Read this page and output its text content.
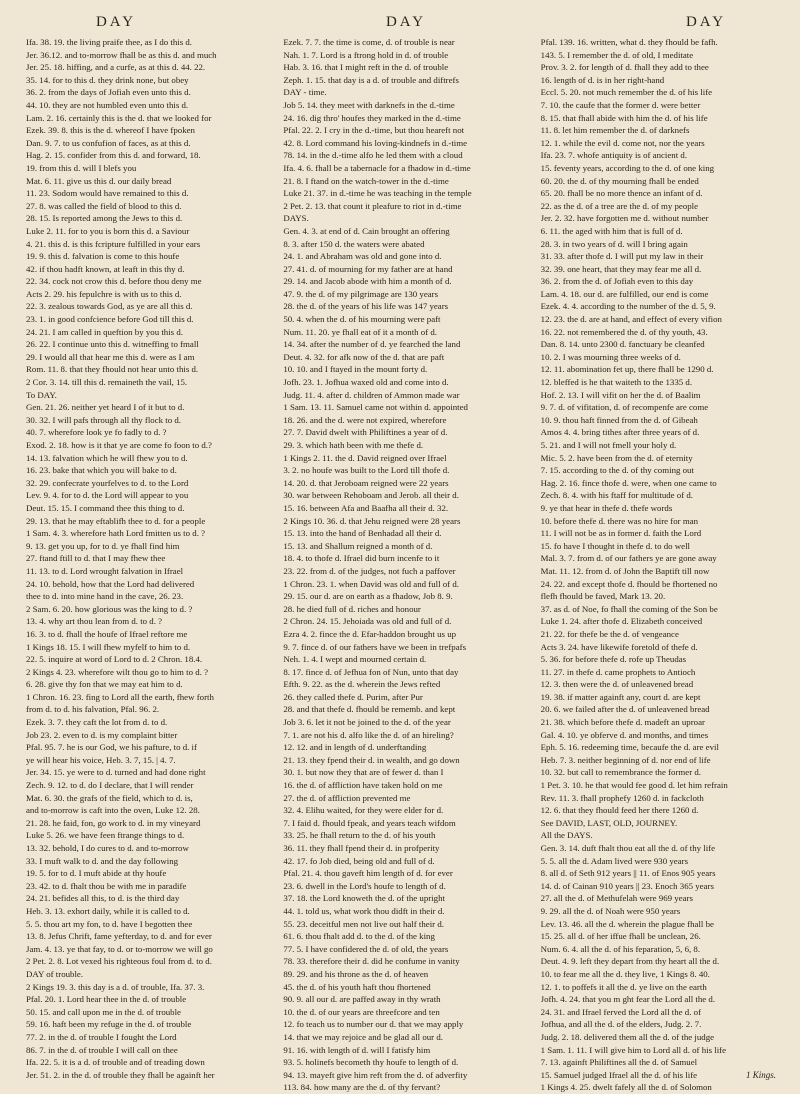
DAY	DAY	DAY
Ifa. 38. 19. the living praife thee, as I do this d.
Jer. 36.12. and to-morrow fhall be as this d. and much
Jer. 25. 18. hiffing, and a curfe, as at this d. 44. 22.
35. 14. for to this d. they drink none, but obey
36. 2. from the days of Jofiah even unto this d.
44. 10. they are not humbled even unto this d.
Lam. 2. 16. certainly this is the d. that we looked for
Ezek. 39. 8. this is the d. whereof I have fpoken
Dan. 9. 7. to us confufion of faces, as at this d.
Hag. 2. 15. confider from this d. and forward, 18.
19. from this d. will I blefs you
Mat. 6. 11. give us this d. our daily bread
11. 23. Sodom would have remained to this d.
27. 8. was called the field of blood to this d.
28. 15. Is reported among the Jews to this d.
Luke 2. 11. for to you is born this d. a Saviour
4. 21. this d. is this fcripture fulfilled in your ears
19. 9. this d. falvation is come to this houfe
42. if thou hadft known, at leaft in this thy d.
22. 34. cock not crow this d. before thou deny me
Acts 2. 29. his fepulchre is with us to this d.
22. 3. zealous towards God, as ye are all this d.
23. 1. in good confcience before God till this d.
24. 21. I am called in queftion by you this d.
26. 22. I continue unto this d. witneffing to fmall
29. I would all that hear me this d. were as I am
Rom. 11. 8. that they fhould not hear unto this d.
2 Cor. 3. 14. till this d. remaineth the vail, 15.
To DAY.
Gen. 21. 26. neither yet heard I of it but to d.
30. 32. I will pafs through all thy flock to d.
40. 7. wherefore look ye fo fadly to d. ?
Exod. 2. 18. how is it that ye are come fo foon to d.?
14. 13. falvation which he will fhew you to d.
16. 23. bake that which you will bake to d.
32. 29. confecrate yourfelves to d. to the Lord
Lev. 9. 4. for to d. the Lord will appear to you
Deut. 15. 15. I command thee this thing to d.
29. 13. that he may eftablifh thee to d. for a people
1 Sam. 4. 3. wherefore hath Lord fmitten us to d. ?
9. 13. get you up, for to d. ye fhall find him
27. ftand ftill to d. that I may fhew thee
11. 13. to d. Lord wrought falvation in Ifrael
24. 10. behold, how that the Lord had delivered
thee to d. into mine hand in the cave, 26. 23.
2 Sam. 6. 20. how glorious was the king to d. ?
13. 4. why art thou lean from d. to d. ?
16. 3. to d. fhall the houfe of Ifrael reftore me
1 Kings 18. 15. I will fhew myfelf to him to d.
22. 5. inquire at word of Lord to d. 2 Chron. 18.4.
2 Kings 4. 23. wherefore wilt thou go to him to d. ?
6. 28. give thy fon that we may eat him to d.
1 Chron. 16. 23. fing to Lord all the earth, fhew forth
from d. to d. his falvation, Pfal. 96. 2.
Ezek. 3. 7. they caft the lot from d. to d.
Job 23. 2. even to d. is my complaint bitter
Pfal. 95. 7. he is our God, we his pafture, to d. if
ye will hear his voice, Heb. 3. 7, 15. | 4. 7.
Jer. 34. 15. ye were to d. turned and had done right
Zech. 9. 12. to d. do I declare, that I will render
Mat. 6. 30. the grafs of the field, which to d. is,
and to-morrow is caft into the oven, Luke 12. 28.
21. 28. he faid, fon, go work to d. in my vineyard
Luke 5. 26. we have feen ftrange things to d.
13. 32. behold, I do cures to d. and to-morrow
33. I muft walk to d. and the day following
19. 5. for to d. I muft abide at thy houfe
23. 42. to d. fhalt thou be with me in paradife
24. 21. befides all this, to d. is the third day
Heb. 3. 13. exhort daily, while it is called to d.
5. 5. thou art my fon, to d. have I begotten thee
13. 8. Jefus Chrift, fame yefterday, to d. and for ever
Jam. 4. 13. ye that fay, to d. or to-morrow we will go
2 Pet. 2. 8. Lot vexed his righteous foul from d. to d.
DAY of trouble.
2 Kings 19. 3. this day is a d. of trouble, Ifa. 37. 3.
Pfal. 20. 1. Lord hear thee in the d. of trouble
50. 15. and call upon me in the d. of trouble
59. 16. haft been my refuge in the d. of trouble
77. 2. in the d. of trouble I fought the Lord
86. 7. in the d. of trouble I will call on thee
Ifa. 22. 5. it is a d. of trouble and of treading down
Jer. 51. 2. in the d. of trouble they fhall be againft her
Ezek. 7. 7. the time is come, d. of trouble is near
Nah. 1. 7. Lord is a ftrong hold in d. of trouble
Hab. 3. 16. that I might reft in the d. of trouble
Zeph. 1. 15. that day is a d. of trouble and diftrefs
DAY - time.
Job 5. 14. they meet with darknefs in the d.-time
24. 16. dig thro' houfes they marked in the d.-time
Pfal. 22. 2. I cry in the d.-time, but thou heareft not
42. 8. Lord command his loving-kindnefs in d.-time
78. 14. in the d.-time alfo he led them with a cloud
Ifa. 4. 6. fhall be a tabernacle for a fhadow in d.-time
21. 8. I ftand on the watch-tower in the d.-time
Luke 21. 37. in d.-time he was teaching in the temple
2 Pet. 2. 13. that count it pleafure to riot in d.-time
DAYS.
Gen. 4. 3. at end of d. Cain brought an offering
8. 3. after 150 d. the waters were abated
24. 1. and Abraham was old and gone into d.
27. 41. d. of mourning for my father are at hand
29. 14. and Jacob abode with him a month of d.
47. 9. the d. of my pilgrimage are 130 years
28. the d. of the years of his life was 147 years
50. 4. when the d. of his mourning were paft
Num. 11. 20. ye fhall eat of it a month of d.
14. 34. after the number of d. ye fearched the land
Deut. 4. 32. for afk now of the d. that are paft
10. 10. and I ftayed in the mount forty d.
Jofh. 23. 1. Jofhua waxed old and come into d.
Judg. 11. 4. after d. children of Ammon made war
1 Sam. 13. 11. Samuel came not within d. appointed
18. 26. and the d. were not expired, wherefore
27. 7. David dwelt with Philiftines a year of d.
29. 3. which hath been with me thefe d.
1 Kings 2. 11. the d. David reigned over Ifrael
3. 2. no houfe was built to the Lord till thofe d.
14. 20. d. that Jeroboam reigned were 22 years
30. war between Rehoboam and Jerob. all their d.
15. 16. between Afa and Baafha all their d. 32.
2 Kings 10. 36. d. that Jehu reigned were 28 years
15. 13. into the hand of Benhadad all their d.
15. 13. and Shallum reigned a month of d.
18. 4. to thofe d. Ifrael did burn incenfe to it
23. 22. from d. of the judges, not fuch a paffover
1 Chron. 23. 1. when David was old and full of d.
29. 15. our d. are on earth as a fhadow, Job 8. 9.
28. he died full of d. riches and honour
2 Chron. 24. 15. Jehoiada was old and full of d.
Ezra 4. 2. fince the d. Efar-haddon brought us up
9. 7. fince d. of our fathers have we been in trefpafs
Neh. 1. 4. I wept and mourned certain d.
8. 17. fince d. of Jefhua fon of Nun, unto that day
Efth. 9. 22. as the d. wherein the Jews refted
26. they called thefe d. Purim, after Pur
28. and that thefe d. fhould be rememb. and kept
Job 3. 6. let it not be joined to the d. of the year
7. 1. are not his d. alfo like the d. of an hireling?
12. 12. and in length of d. underftanding
21. 13. they fpend their d. in wealth, and go down
30. 1. but now they that are of fewer d. than I
16. the d. of affliction have taken hold on me
27. the d. of affliction prevented me
32. 4. Elihu waited, for they were elder for d.
7. I faid d. fhould fpeak, and years teach wifdom
33. 25. he fhall return to the d. of his youth
36. 11. they fhall fpend their d. in profperity
42. 17. fo Job died, being old and full of d.
Pfal. 21. 4. thou gaveft him length of d. for ever
23. 6. dwell in the Lord's houfe to length of d.
37. 18. the Lord knoweth the d. of the upright
44. 1. told us, what work thou didft in their d.
55. 23. deceitful men not live out half their d.
61. 6. thou fhalt add d. to the d. of the king
77. 5. I have confidered the d. of old, the years
78. 33. therefore their d. did he confume in vanity
89. 29. and his throne as the d. of heaven
45. the d. of his youth haft thou fhortened
90. 9. all our d. are paffed away in thy wrath
10. the d. of our years are threefcore and ten
12. fo teach us to number our d. that we may apply
14. that we may rejoice and be glad all our d.
91. 16. with length of d. will I fatisfy him
93. 5. holinefs becometh thy houfe to length of d.
94. 13. mayeft give him reft from the d. of adverfity
113. 84. how many are the d. of thy fervant?
Pfal. 139. 16. written, what d. they fhould be fafh.
143. 5. I remember the d. of old, I meditate
Prov. 3. 2. for length of d. fhall they add to thee
16. length of d. is in her right-hand
Eccl. 5. 20. not much remember the d. of his life
7. 10. the caufe that the former d. were better
8. 15. that fhall abide with him the d. of his life
11. 8. let him remember the d. of darknefs
12. 1. while the evil d. come not, nor the years
Ifa. 23. 7. whofe antiquity is of ancient d.
15. feventy years, according to the d. of one king
60. 20. the d. of thy mourning fhall be ended
65. 20. fhall be no more thence an infant of d.
22. as the d. of a tree are the d. of my people
Jer. 2. 32. have forgotten me d. without number
6. 11. the aged with him that is full of d.
28. 3. in two years of d. will I bring again
31. 33. after thofe d. I will put my law in their
32. 39. one heart, that they may fear me all d.
36. 2. from the d. of Jofiah even to this day
Lam. 4. 18. our d. are fulfilled, our end is come
Ezek. 4. 4. according to the number of the d. 5, 9.
12. 23. the d. are at hand, and effect of every vifion
16. 22. not remembered the d. of thy youth, 43.
Dan. 8. 14. unto 2300 d. fanctuary be cleanfed
10. 2. I was mourning three weeks of d.
12. 11. abomination fet up, there fhall be 1290 d.
12. bleffed is he that waiteth to the 1335 d.
Hof. 2. 13. I will vifit on her the d. of Baalim
9. 7. d. of vifitation, d. of recompenfe are come
10. 9. thou haft finned from the d. of Gibeah
Amos 4. 4. bring tithes after three years of d.
5. 21. and I will not fmell your holy d.
Mic. 5. 2. have been from the d. of eternity
7. 15. according to the d. of thy coming out
Hag. 2. 16. fince thofe d. were, when one came to
Zech. 8. 4. with his ftaff for multitude of d.
9. ye that hear in thefe d. thefe words
10. before thefe d. there was no hire for man
11. I will not be as in former d. faith the Lord
15. fo have I thought in thefe d. to do well
Mal. 3. 7. from d. of our fathers ye are gone away
Mat. 11. 12. from d. of John the Baptift till now
24. 22. and except thofe d. fhould be fhortened no
flefh fhould be faved, Mark 13. 20.
37. as d. of Noe, fo fhall the coming of the Son be
Luke 1. 24. after thofe d. Elizabeth conceived
21. 22. for thefe be the d. of vengeance
Acts 3. 24. have likewife foretold of thefe d.
5. 36. for before thefe d. rofe up Theudas
11. 27. in thefe d. came prophets to Antioch
12. 3. then were the d. of unleavened bread
19. 38. if matter againft any, court d. are kept
20. 6. we failed after the d. of unleavened bread
21. 38. which before thefe d. madeft an uproar
Gal. 4. 10. ye obferve d. and months, and times
Eph. 5. 16. redeeming time, becaufe the d. are evil
Heb. 7. 3. neither beginning of d. nor end of life
10. 32. but call to remembrance the former d.
1 Pet. 3. 10. he that would fee good d. let him refrain
Rev. 11. 3. fhall prophefy 1260 d. in fackcloth
12. 6. that they fhould feed her there 1260 d.
See DAVID, LAST, OLD, JOURNEY.
All the DAYS.
Gen. 3. 14. duft fhalt thou eat all the d. of thy life
5. 5. all the d. Adam lived were 930 years
8. all d. of Seth 912 years || 11. of Enos 905 years
14. d. of Cainan 910 years || 23. Enoch 365 years
27. all the d. of Methufelah were 969 years
9. 29. all the d. of Noah were 950 years
Lev. 13. 46. all the d. wherein the plague fhall be
15. 25. all d. of her iffue fhall be unclean, 26.
Num. 6. 4. all the d. of his feparation, 5, 6, 8.
Deut. 4. 9. left they depart from thy heart all the d.
10. to fear me all the d. they live, 1 Kings 8. 40.
12. 1. to poffefs it all the d. ye live on the earth
Jofh. 4. 24. that you m ght fear the Lord all the d.
24. 31. and Ifrael ferved the Lord all the d. of
Jofhua, and all the d. of the elders, Judg. 2. 7.
Judg. 2. 18. delivered them all the d. of the judge
1 Sam. 1. 11. I will give him to Lord all d. of his life
7. 13. againft Philiftines all the d. of Samuel
15. Samuel judged Ifrael all the d. of his life
1 Kings 4. 25. dwelt fafely all the d. of Solomon
1 Kings.
